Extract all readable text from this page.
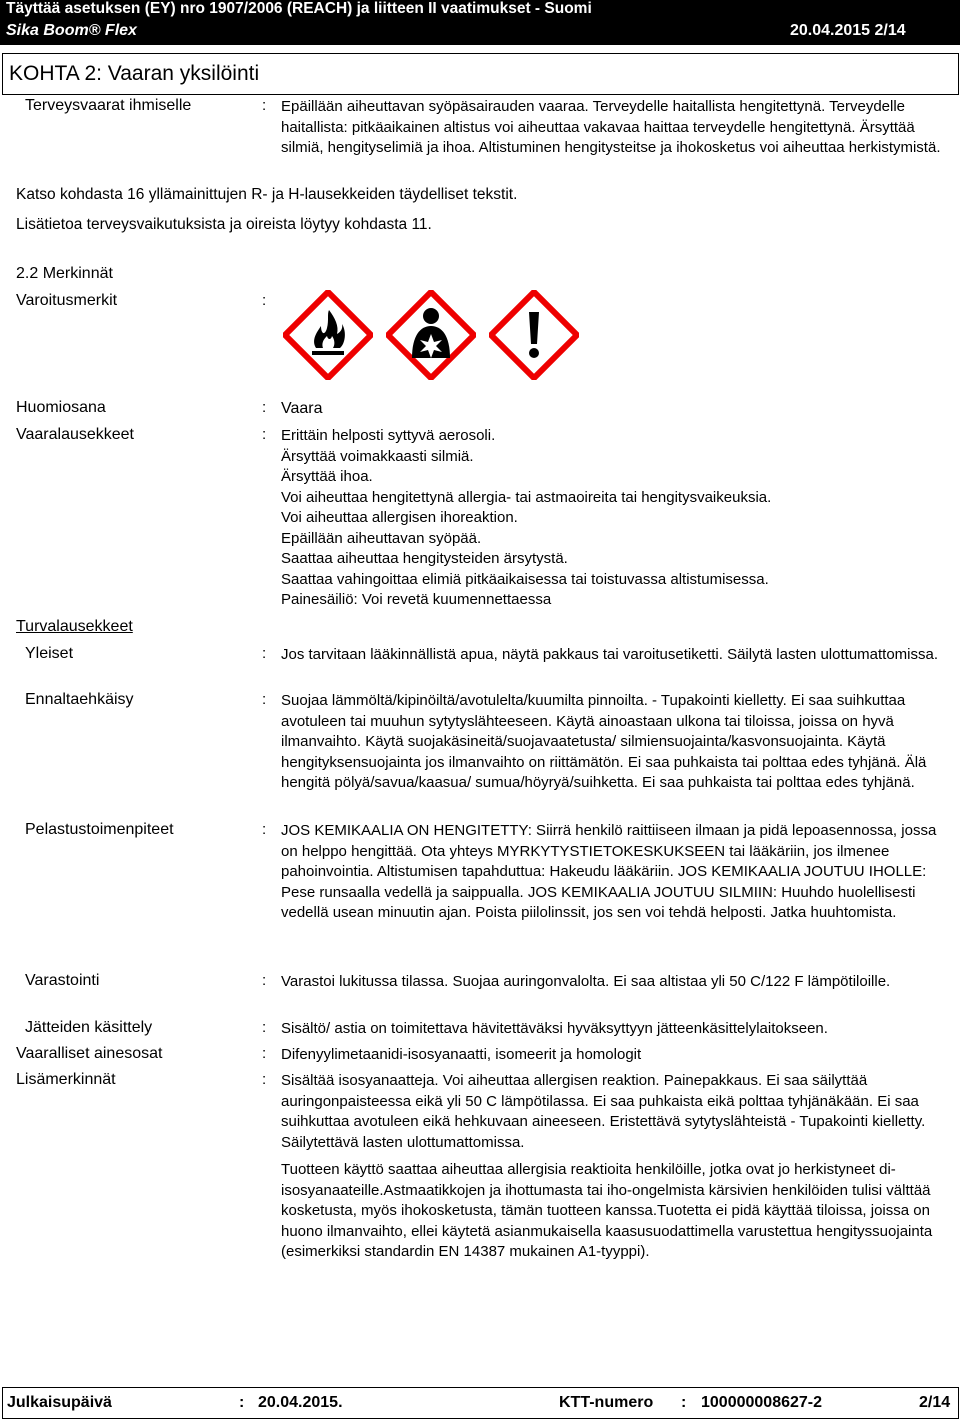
Täyttää asetuksen (EY) nro 1907/2006 (REACH) ja liitteen II vaatimukset - Suomi
Sika Boom® Flex	20.04.2015 2/14
KOHTA 2: Vaaran yksilöinti
Terveysvaarat ihmiselle	: Epäillään aiheuttavan syöpäsairauden vaaraa. Terveydelle haitallista hengitettynä. Terveydelle haitallista: pitkäaikainen altistus voi aiheuttaa vakavaa haittaa terveydelle hengitettynä. Ärsyttää silmiä, hengityselimiä ja ihoa. Altistuminen hengitysteitse ja ihokosketus voi aiheuttaa herkistymistä.
Katso kohdasta 16 yllämainittujen R- ja H-lausekkeiden täydelliset tekstit.
Lisätietoa terveysvaikutuksista ja oireista löytyy kohdasta 11.
2.2 Merkinnät
Varoitusmerkit	:
Huomiosana	: Vaara
Vaaralausekkeet	: Erittäin helposti syttyvä aerosoli.
Ärsyttää voimakkaasti silmiä.
Ärsyttää ihoa.
Voi aiheuttaa hengitettynä allergia- tai astmaoireita tai hengitysvaikeuksia.
Voi aiheuttaa allergisen ihoreaktion.
Epäillään aiheuttavan syöpää.
Saattaa aiheuttaa hengitysteiden ärsytystä.
Saattaa vahingoittaa elimiä pitkäaikaisessa tai toistuvassa altistumisessa.
Painesäiliö: Voi revetä kuumennettaessa
Turvalausekkeet
Yleiset	: Jos tarvitaan lääkinnällistä apua, näytä pakkaus tai varoitusetiketti. Säilytä lasten ulottumattomissa.
Ennaltaehkäisy	: Suojaa lämmöltä/kipinöiltä/avotulelta/kuumilta pinnoilta. - Tupakointi kielletty. Ei saa suihkuttaa avotuleen tai muuhun sytytyslähteeseen. Käytä ainoastaan ulkona tai tiloissa, joissa on hyvä ilmanvaihto. Käytä suojakäsineitä/suojavaatetusta/ silmiensuojainta/kasvonsuojainta. Käytä hengityksensuojainta jos ilmanvaihto on riittämätön. Ei saa puhkaista tai polttaa edes tyhjänä. Älä hengitä pölyä/savua/kaasua/ sumua/höyryä/suihketta. Ei saa puhkaista tai polttaa edes tyhjänä.
Pelastustoimenpiteet	: JOS KEMIKAALIA ON HENGITETTY: Siirrä henkilö raittiiseen ilmaan ja pidä lepoasennossa, jossa on helppo hengittää. Ota yhteys MYRKYTYSTIETOKESKUKSEEN tai lääkäriin, jos ilmenee pahoinvointia. Altistumisen tapahduttua: Hakeudu lääkäriin. JOS KEMIKAALIA JOUTUU IHOLLE: Pese runsaalla vedellä ja saippualla. JOS KEMIKAALIA JOUTUU SILMIIN: Huuhdo huolellisesti vedellä usean minuutin ajan. Poista piilolinssit, jos sen voi tehdä helposti. Jatka huuhtomista.
Varastointi	: Varastoi lukitussa tilassa. Suojaa auringonvalolta. Ei saa altistaa yli 50 C/122 F lämpötiloille.
Jätteiden käsittely	: Sisältö/ astia on toimitettava hävitettäväksi hyväksyttyyn jätteenkäsittelylaitokseen.
Vaaralliset ainesosat	: Difenyylimetaanidi-isosyanaatti, isomeerit ja homologit
Lisämerkinnät	: Sisältää isosyanaatteja. Voi aiheuttaa allergisen reaktion. Painepakkaus. Ei saa säilyttää auringonpaisteessa eikä yli 50 C lämpötilassa. Ei saa puhkaista eikä polttaa tyhjänäkään. Ei saa suihkuttaa avotuleen eikä hehkuvaan aineeseen. Eristettävä sytytyslähteistä - Tupakointi kielletty. Säilytettävä lasten ulottumattomissa.
Tuotteen käyttö saattaa aiheuttaa allergisia reaktioita henkilöille, jotka ovat jo herkistyneet di-isosyanaateille.Astmaatikkojen ja ihottumasta tai iho-ongelmista kärsivien henkilöiden tulisi välttää kosketusta, myös ihokosketusta, tämän tuotteen kanssa.Tuotetta ei pidä käyttää tiloissa, joissa on huono ilmanvaihto, ellei käytetä asianmukaisella kaasusuodattimella varustettua hengityssuojainta (esimerkiksi standardin EN 14387 mukainen A1-tyyppi).
Julkaisupäivä	: 20.04.2015.	KTT-numero : 100000008627-2	2/14
